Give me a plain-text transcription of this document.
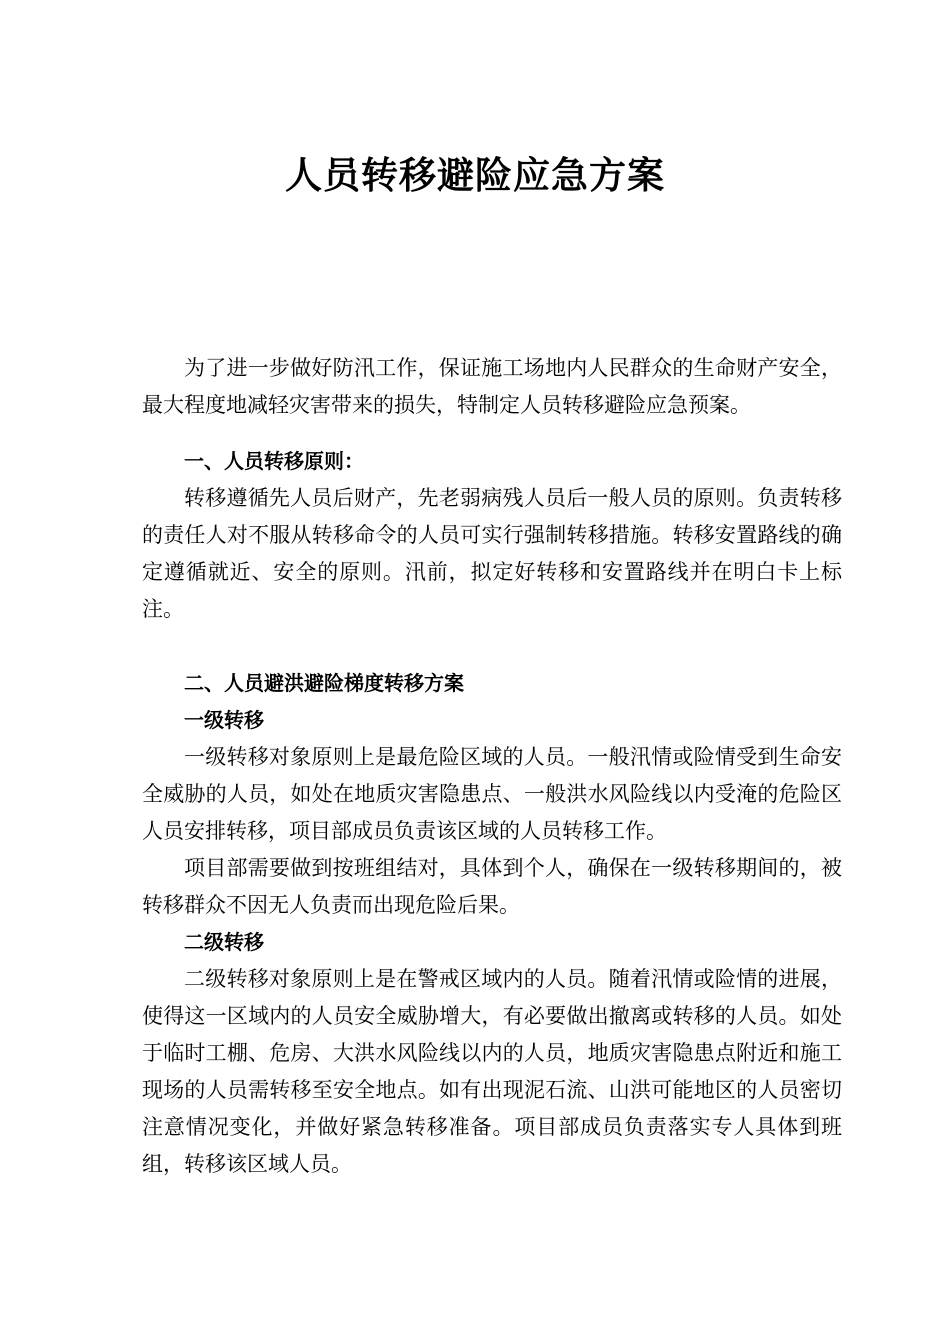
人员转移避险应急方案

为了进一步做好防汛工作，保证施工场地内人民群众的生命财产安全，最大程度地减轻灾害带来的损失，特制定人员转移避险应急预案。

一、人员转移原则：

转移遵循先人员后财产，先老弱病残人员后一般人员的原则。负责转移的责任人对不服从转移命令的人员可实行强制转移措施。转移安置路线的确定遵循就近、安全的原则。汛前，拟定好转移和安置路线并在明白卡上标注。

二、人员避洪避险梯度转移方案

一级转移

一级转移对象原则上是最危险区域的人员。一般汛情或险情受到生命安全威胁的人员，如处在地质灾害隐患点、一般洪水风险线以内受淹的危险区人员安排转移，项目部成员负责该区域的人员转移工作。

项目部需要做到按班组结对，具体到个人，确保在一级转移期间的，被转移群众不因无人负责而出现危险后果。

二级转移

二级转移对象原则上是在警戒区域内的人员。随着汛情或险情的进展，使得这一区域内的人员安全威胁增大，有必要做出撤离或转移的人员。如处于临时工棚、危房、大洪水风险线以内的人员，地质灾害隐患点附近和施工现场的人员需转移至安全地点。如有出现泥石流、山洪可能地区的人员密切注意情况变化，并做好紧急转移准备。项目部成员负责落实专人具体到班组，转移该区域人员。
